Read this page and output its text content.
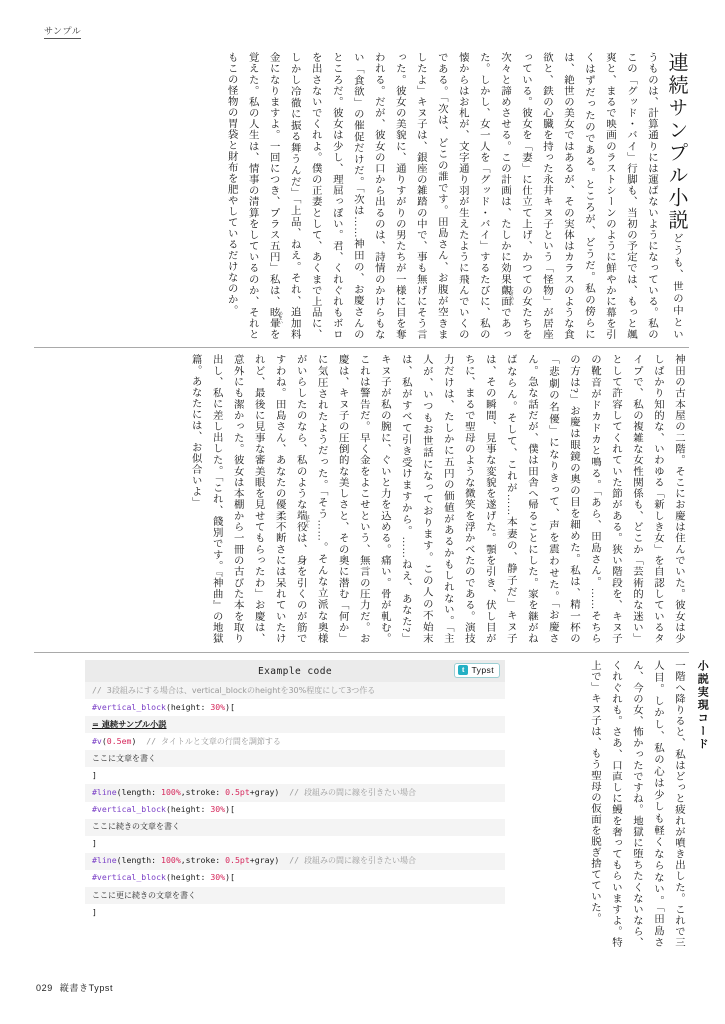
サンプル
連続サンプル小説どうも、世の中というものは、計算通りには運ばないようになっている。私のこの「グッド・バイ」行脚も、当初の予定では、もっと颯爽と、まるで映画のラストシーンのように鮮やかに幕を引くはずだったのである。ところが、どうだ。私の傍らには、絶世の美女ではあるが、その実体はカラスのような食欲と、鉄の心臓を持った永井キヌ子という「怪物」が居座っている。彼女を「妻」に仕立て上げ、かつての女たちを次々と諦めさせる。この計画は、たしかに効果覿面 てきめんであった。しかし、女一人を「グッド・バイ」するたびに、私の懐からはお札が、文字通り羽が生えたように飛んでいくのである。「次は、どこの誰です。田島さん、お腹が空きましたよ」キヌ子は、銀座の雑踏の中で、事も無げにそう言った。彼女の美貌に、通りすがりの男たちが一様に目を奪われる。だが、彼女の口から出るのは、詩情のかけらもない「食欲」の催促だけだ。「次は……神田の、お慶さんのところだ。彼女は少し、理屈っぽい。君、くれぐれもボロを出さないでくれよ。僕の正妻として、あくまで上品に、しかし冷徹に振る舞うんだ」「上品、ねえ。それ、追加料金になりますよ。一回につき、プラス五円」私は、眩暈 めまいを覚えた。私の人生は、情事の清算をしているのか、それともこの怪物の胃袋と財布を肥やしているだけなのか。
神田の古本屋の二階。そこにお慶は住んでいた。彼女は少しばかり知的な、いわゆる「新しき女」を自認しているタイプで、私の複雑な女性関係も、どこか「芸術的な迷い」として許容してくれていた節がある。狭い階段を、キヌ子の靴音がドカドカと鳴る。「あら、田島さん。……そちらの方は?」お慶は眼鏡の奥の目を細めた。私は、精一杯の「悲劇の名優」になりきって、声を震わせた。「お慶さん。急な話だが、僕は田舎へ帰ることにした。家を継がねばならん。そして、これが……本妻の、静子だ」キヌ子は、その瞬間、見事な変貌を遂げた。顎を引き、伏し目がちに、まるで聖母のような微笑を浮かべたのである。演技力だけは、たしかに五円の価値があるかもしれない。「主人が、いつもお世話になっております。この人の不始末は、私がすべて引き受けますから。……ねえ、あなた?」キヌ子が私の腕に、ぐいと力を込める。痛い。骨が軋む。これは警告だ。早く金をよこせという、無言の圧力だ。お慶は、キヌ子の圧倒的な美しさと、その奥に潜む「何か」に気圧されたようだった。「そう……。そんな立派な奥様がいらしたのなら、私のような端役 はやくは、身を引くのが筋ですわね。田島さん、あなたの優柔不断さには呆れていたけれど、最後に見事な審美眼を見せてもらったわ」お慶は、意外にも潔かった。彼女は本棚から一冊の古びた本を取り出し、私に差し出した。「これ、餞別です。『神曲』の地獄篇。あなたには、お似合いよ」
一階へ降りると、私はどっと疲れが噴き出した。これで三人目。しかし、私の心は少しも軽くならない。「田島さん、今の女、怖かったですね。地獄に堕ちたくないなら、くれぐれも。さあ、口直しに鰻を奢ってもらいますよ。特上で」キヌ子は、もう聖母の仮面を脱ぎ捨てていた。	小説実現コード
Example code	t Typst
// 3段組みにする場合は、vertical_blockのheightを30%程度にして3つ作る
#vertical_block(height: 30%)[
= 連続サンプル小説
#v(0.5em)  // タイトルと文章の行間を調節する
ここに文章を書く
]
#line(length: 100%,stroke: 0.5pt+gray)  // 段組みの間に線を引きたい場合
#vertical_block(height: 30%)[
ここに続きの文章を書く
]
#line(length: 100%,stroke: 0.5pt+gray)  // 段組みの間に線を引きたい場合
#vertical_block(height: 30%)[
ここに更に続きの文章を書く
]
029 縦書きTypst
